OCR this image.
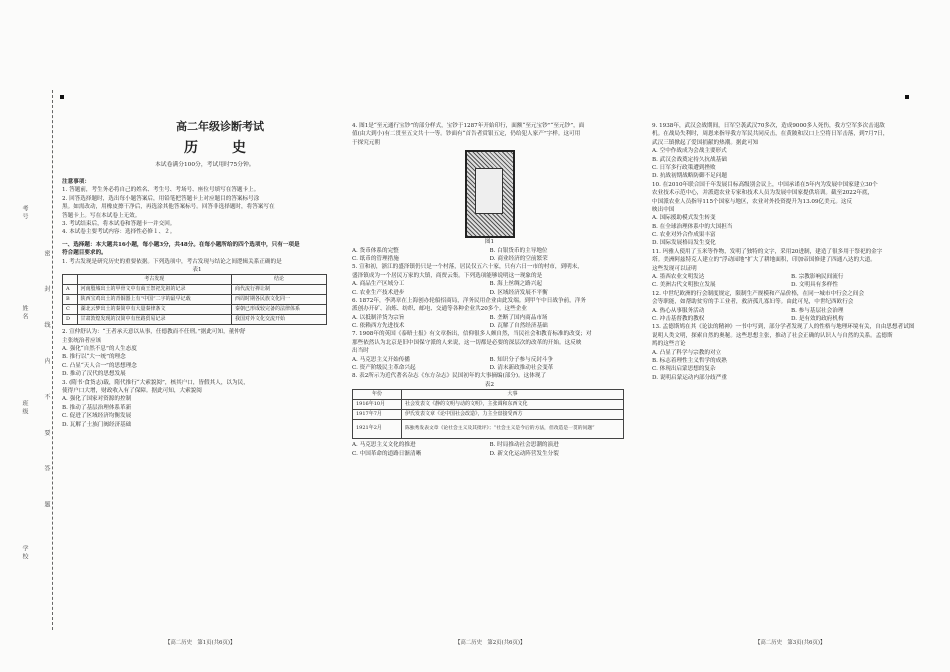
考号
姓名
班级
学校
密 封 线 内 不 要 答 题
高二年级诊断考试
历　史
本试卷满分100分，考试用时75分钟。

注意事项：

1. 答题前，考生务必将自己的姓名、考生号、考场号、座位号填写在答题卡上。

2. 回答选择题时，选出每小题答案后，用铅笔把答题卡上对应题目的答案标号涂

黑。如需改动，用橡皮擦干净后，再选涂其他答案标号。回答非选择题时，将答案写在

答题卡上。写在本试卷上无效。

3. 考试结束后，将本试卷和答题卡一并交回。

4. 本试卷主要考试内容：选择性必修１、２。

一、选择题：本大题共16小题，每小题3分，共48分。在每小题所给的四个选项中，只有一项是

符合题目要求的。

1. 考古发现是研究历史的重要依据。下列选项中，考古发现与结论之间逻辑关系正确的是

表1

	考古发现	结论
A	河南殷墟出土的甲骨文中有商王祭祀先祖的记录	商代流行禅让制
B	陕西宝鸡出土的青铜器上有“中国”二字的最早记载	西周时期各民族文化同一
C	湖北云梦出土的秦简中有大量秦律条文	秦朝已形成较完备的法律体系
D	甘肃敦煌发现的汉简中有丝路贸易记录	我国对外文化交流开始

2. 宣仲舒认为：“王者承天意以从事，任德教而不任刑。”据此可知，董仲舒

主张统治者应该

A. 强化“自然不息”的人生态度

B. 推行以“大一统”的理念

C. 凸显“天人合一”的思想理念

D. 推动了汉代的思想发展

3. (隋书·食货志)载，隋代推行“大索貌阅”，核其户口，皆假其人，以为民，

使得户口大增，财政收入有了保障。据此可知，大索貌阅

A. 强化了国家对资源的控制

B. 推动了基层治理体系革新

C. 促进了区域经济均衡发展

D. 瓦解了士族门阀经济基础

【高二历史　第1页(共6页)】

4. 图1是“至元通行宝钞”的部分样式，宝钞于1287年开始印行，面额“至元宝钞”“至元钞”，面

值(由大到小)有二贯至五文共十一等。钞面有“首告者赏银五定，仍给犯人家产”字样。这可用

于探究元朝

图1

A. 货币体系的完整	B. 白银货币的主导地位

C. 纸币的管理措施	D. 商业经济的空前繁荣

5. 宣和初，浙江的盛泽镇仍只是一个村落，居民仅五六十家，只有六日一市的村市，到明末，

盛泽镇成为一个居民万家的大镇，商贾云集。下列选项能够说明这一现象的是

A. 商品生产区域分工	B. 海上丝绸之路兴起

C. 农业生产技术进步	D. 区域经济发展不平衡

6. 1872年，李鸿章在上海创办轮船招商局，洋务民用企业由此发端。到甲午中日战争前，洋务

派创办开矿、冶炼、纺织、邮电、交通等各种企业共20多个。这些企业

A. 以抵制洋货为宗旨	B. 垄断了国内商品市场

C. 依赖西方先进技术	D. 瓦解了自然经济基础

7. 1908年的英国《泰晤士报》有文章指出，信仰很多人颇自然，当民社会和教育标准的改变；对

那些依然认为北京是旧中国保守派的人来说，这一切都是必要的深层次的改革的开始。这反映

出当时

A. 马克思主义开始传播	B. 知识分子参与反封斗争

C. 资产阶级民主革命兴起	D. 清末新政推动社会变革

8. 表2所示为近代著名杂志《东方杂志》民国初年的大事摘编(部分)。这体现了

表2

年份	大事
1916年10月	社会发表文《静的文明与动的文明》，主张调和东西文化
1917年7月	伊氏发表文章《论中国社会改造》，力主全盘接受西方
1921年2月	陈独秀发表文章《论社会主义及其批评》；“社会主义是今后的方法，但改造是一贯的问题”

A. 马克思主义文化的推进	B. 时局推动社会思潮的演进

C. 中国革命的道路日渐清晰	D. 新文化运动阵营发生分裂

【高二历史　第2页(共6页)】

9. 1938年，武汉会战期间，日军空袭武汉70多次，造成9000多人死伤，我方空军多次击退敌

机。在战局失利时，周恩来指导我方军民共同反击，在黄陂和汉口上空将日军击落，到7月7日，

武汉三镇掀起了爱国捐献的热潮。据此可知

A. 空中作战成为会战主要形式

B. 武汉会战奠定持久抗战基础

C. 日军多行政策遭到挫败

D. 抗战初期战略防御不足问题

10. 在2010年联合国千年发展目标高级别会议上，中国承诺在5年内为发展中国家建立30个

农业技术示范中心，并派遣农业专家和技术人员为发展中国家提供培训。截至2022年底，

中国派农业人员指导115个国家与地区，农业对外投资提升为13.09亿美元。这反

映出中国

A. 国际援助模式发生转变

B. 在全球治理体系中的大国担当

C. 农业对外合作成果丰富

D. 国际发展格局发生变化

11. 玛雅人使用了玉米等作物，发明了独特的文字，采用20进制，建造了很多用于祭祀的金字

塔。美洲阿兹特克人建立的“浮动园地”扩大了耕地面积，印加帝国修建了四通八达的大道。

这些发现可以证明

A. 墨西农业文明发达	B. 宗教影响民间流行

C. 美洲古代文明独立发展	D. 文明具有多样性

12. 中世纪欧洲的行会制度规定，限制生产规模和产品价格，在同一城市中行会之间会

会等职能，如帮助贫穷的手工业者，救济孤儿寡妇等。由此可见，中世纪西欧行会

A. 热心从事服务活动	B. 参与基层社会治理

C. 冲击基督教的教权	D. 是有效的政府机构

13. 孟德斯鸠在其《论法的精神》一书中写到，部分学者发现了人的性格与地理环境有关，自由思想者试图

说明人类文明，探索自然的奥秘。这些思想主张，推动了社会正确的认识人与自然的关系。孟德斯

鸠的这些言论

A. 凸显了科学与宗教的对立

B. 标志着理性主义哲学的成熟

C. 体现出启蒙思想的复杂

D. 说明启蒙运动内部分歧严重

【高二历史　第3页(共6页)】
